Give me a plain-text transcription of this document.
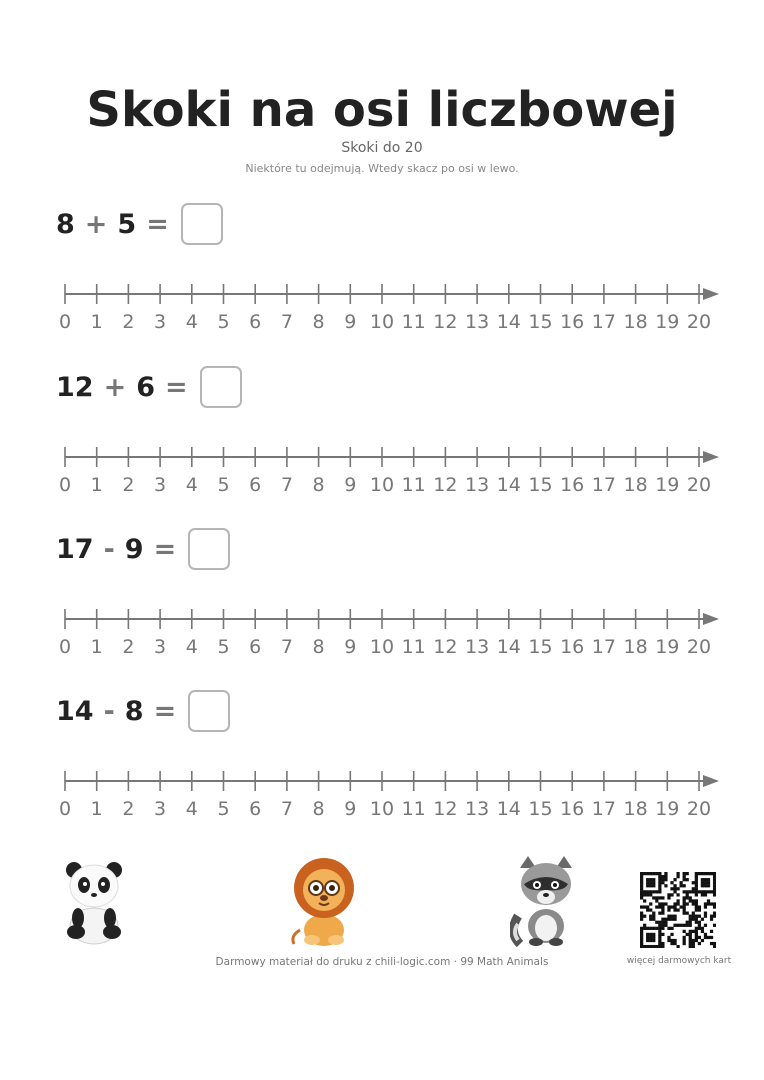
Skoki na osi liczbowej
Skoki do 20
Niektóre tu odejmują. Wtedy skacz po osi w lewo.
8 + 5 =
0 1 2 3 4 5 6 7 8 9 10 11 12 13 14 15 16 17 18 19 20
12 + 6 =
0 1 2 3 4 5 6 7 8 9 10 11 12 13 14 15 16 17 18 19 20
17 - 9 =
0 1 2 3 4 5 6 7 8 9 10 11 12 13 14 15 16 17 18 19 20
14 - 8 =
0 1 2 3 4 5 6 7 8 9 10 11 12 13 14 15 16 17 18 19 20
Darmowy materiał do druku z chili-logic.com · 99 Math Animals	więcej darmowych kart
